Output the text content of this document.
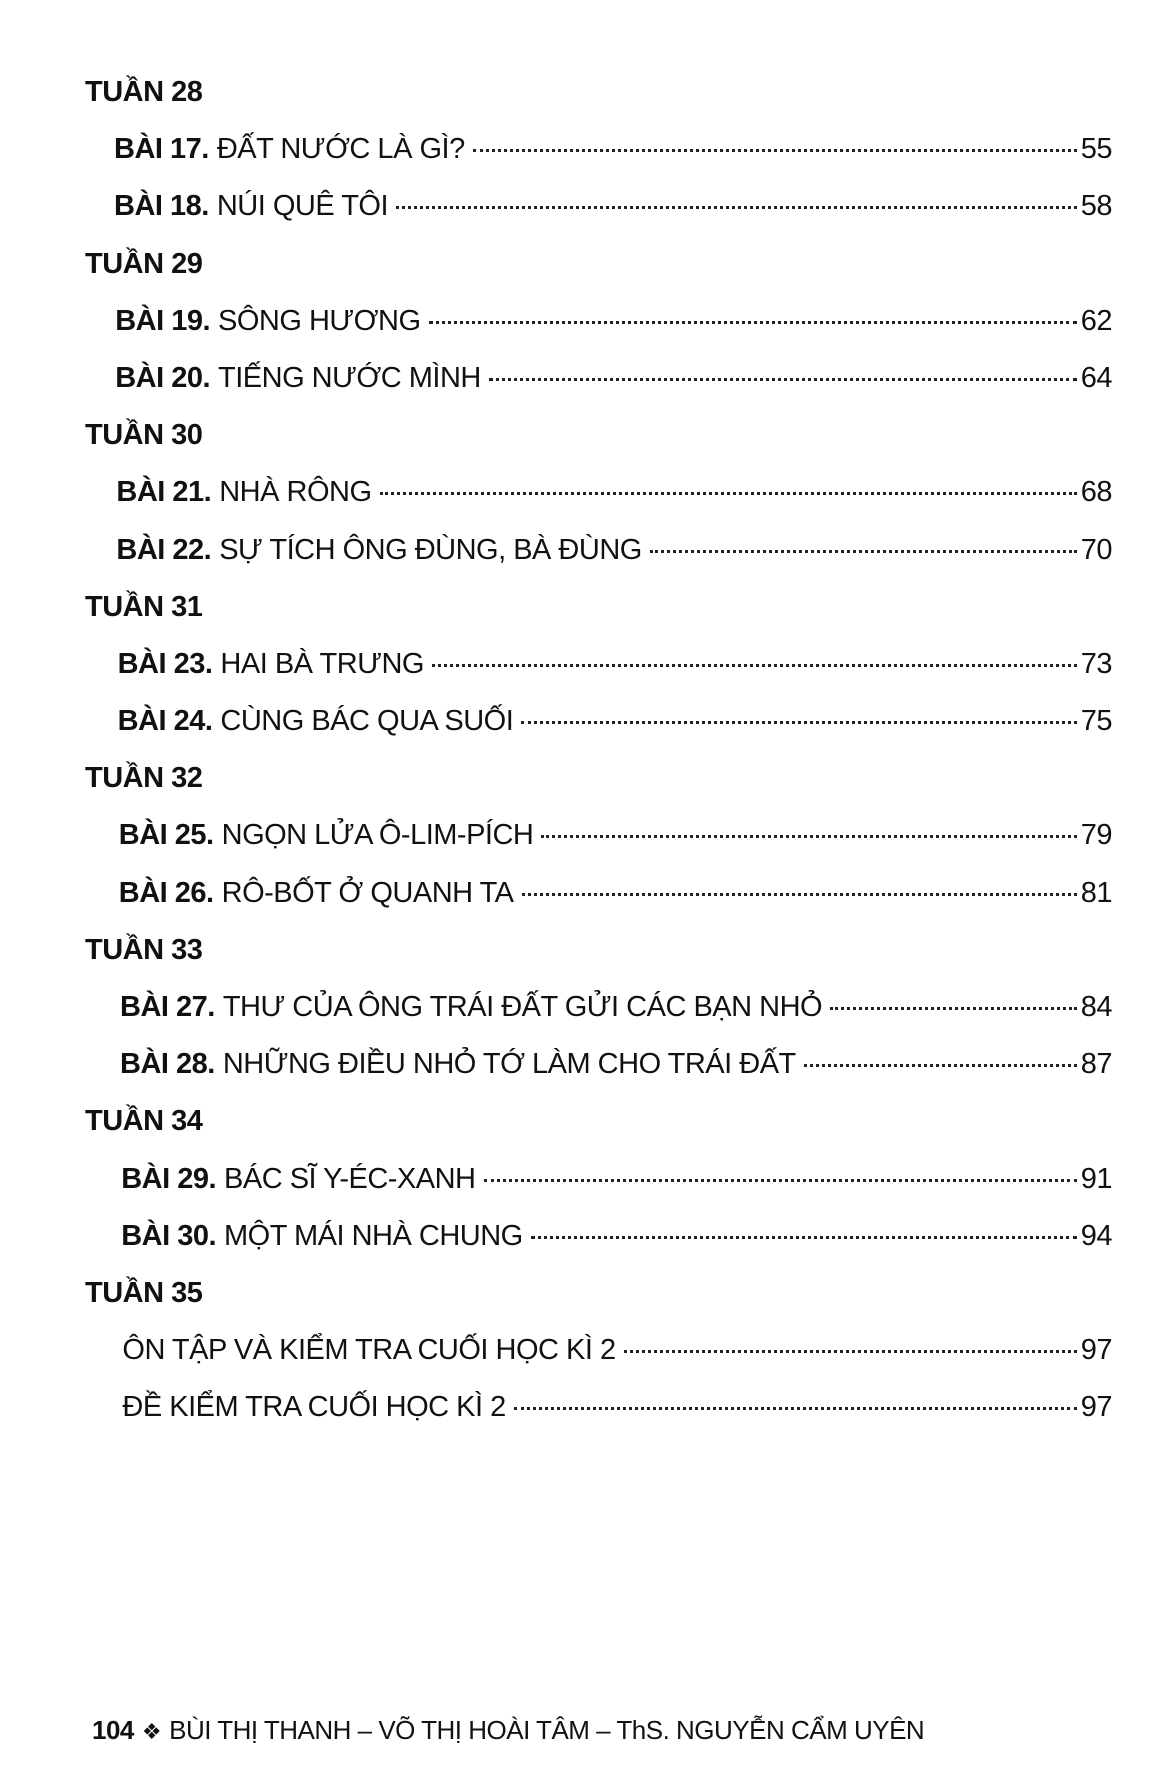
TUẦN 28
BÀI 17. ĐẤT NƯỚC LÀ GÌ?	55
BÀI 18. NÚI QUÊ TÔI	58
TUẦN 29
BÀI 19. SÔNG HƯƠNG	62
BÀI 20. TIẾNG NƯỚC MÌNH	64
TUẦN 30
BÀI 21. NHÀ RÔNG	68
BÀI 22. SỰ TÍCH ÔNG ĐÙNG, BÀ ĐÙNG	70
TUẦN 31
BÀI 23. HAI BÀ TRƯNG	73
BÀI 24. CÙNG BÁC QUA SUỐI	75
TUẦN 32
BÀI 25. NGỌN LỬA Ô-LIM-PÍCH	79
BÀI 26. RÔ-BỐT Ở QUANH TA	81
TUẦN 33
BÀI 27. THƯ CỦA ÔNG TRÁI ĐẤT GỬI CÁC BẠN NHỎ	84
BÀI 28. NHỮNG ĐIỀU NHỎ TỚ LÀM CHO TRÁI ĐẤT	87
TUẦN 34
BÀI 29. BÁC SĨ Y-ÉC-XANH	91
BÀI 30. MỘT MÁI NHÀ CHUNG	94
TUẦN 35
ÔN TẬP VÀ KIỂM TRA CUỐI HỌC KÌ 2	97
ĐỀ KIỂM TRA CUỐI HỌC KÌ 2	97
104 ❖ BÙI THỊ THANH – VÕ THỊ HOÀI TÂM – ThS. NGUYỄN CẨM UYÊN
